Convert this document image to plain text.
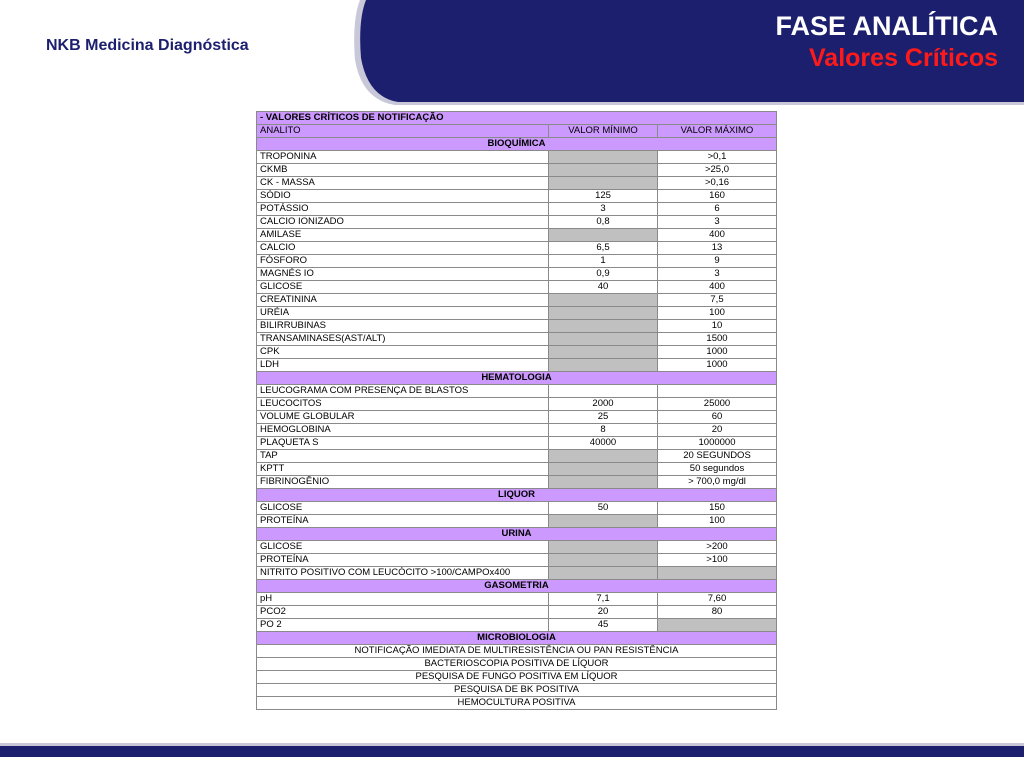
NKB Medicina Diagnóstica
FASE ANALÍTICA
Valores Críticos
- VALORES CRÍTICOS DE NOTIFICAÇÃO		
ANALITO	VALOR MÍNIMO	VALOR MÁXIMO
BIOQUÍMICA		
TROPONINA		>0,1
CKMB		>25,0
CK - MASSA		>0,16
SÓDIO	125	160
POTÁSSIO	3	6
CALCIO IONIZADO	0,8	3
AMILASE		400
CALCIO	6,5	13
FÓSFORO	1	9
MAGNÉS IO	0,9	3
GLICOSE	40	400
CREATININA		7,5
URÉIA		100
BILIRRUBINAS		10
TRANSAMINASES(AST/ALT)		1500
CPK		1000
LDH		1000
HEMATOLOGIA		
LEUCOGRAMA COM PRESENÇA DE BLASTOS		
LEUCOCITOS	2000	25000
VOLUME GLOBULAR	25	60
HEMOGLOBINA	8	20
PLAQUETA S	40000	1000000
TAP		20 SEGUNDOS
KPTT		50 segundos
FIBRINOGÊNIO		> 700,0 mg/dl
LIQUOR		
GLICOSE	50	150
PROTEÍNA		100
URINA		
GLICOSE		>200
PROTEÍNA		>100
NITRITO POSITIVO COM LEUCÓCITO >100/CAMPOx400		
GASOMETRIA		
pH	7,1	7,60
PCO2	20	80
PO 2	45	
MICROBIOLOGIA		
NOTIFICAÇÃO IMEDIATA DE MULTIRESISTÊNCIA OU PAN RESISTÊNCIA		
BACTERIOSCOPIA POSITIVA DE LÍQUOR		
PESQUISA DE FUNGO POSITIVA EM LÍQUOR		
PESQUISA DE BK POSITIVA		
HEMOCULTURA POSITIVA		
